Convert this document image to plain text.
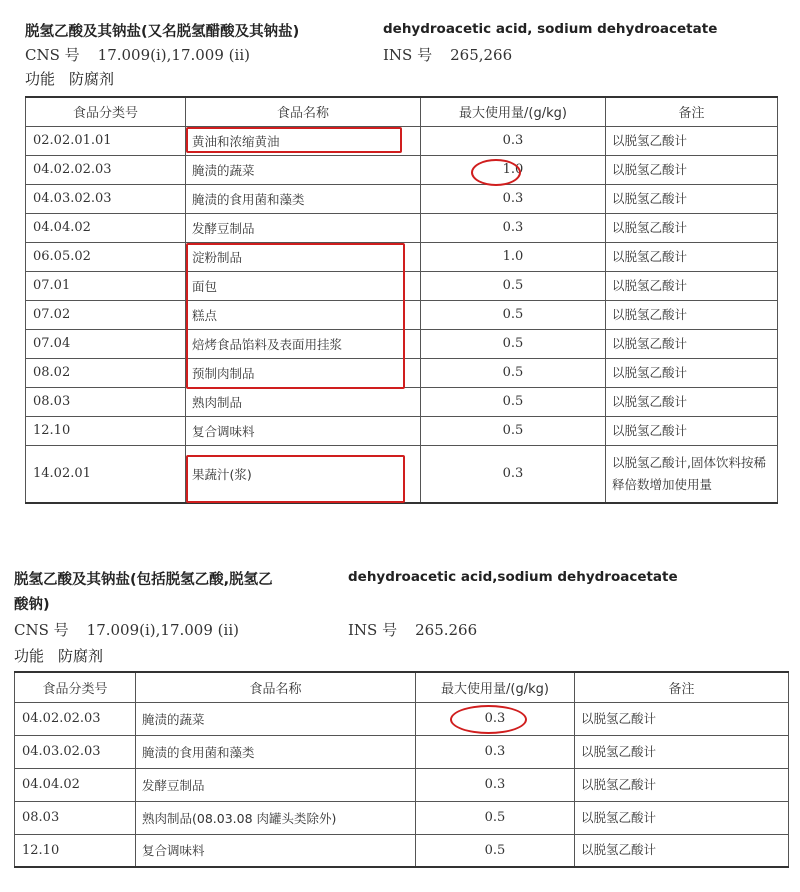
脱氢乙酸及其钠盐(又名脱氢醋酸及其钠盐)	dehydroacetic acid, sodium dehydroacetate
CNS 号 17.009(i),17.009 (ii)	INS 号 265,266
功能 防腐剂
食品分类号	食品名称	最大使用量/(g/kg)	备注
02.02.01.01	黄油和浓缩黄油	0.3	以脱氢乙酸计
04.02.02.03	腌渍的蔬菜	1.0	以脱氢乙酸计
04.03.02.03	腌渍的食用菌和藻类	0.3	以脱氢乙酸计
04.04.02	发酵豆制品	0.3	以脱氢乙酸计
06.05.02	淀粉制品	1.0	以脱氢乙酸计
07.01	面包	0.5	以脱氢乙酸计
07.02	糕点	0.5	以脱氢乙酸计
07.04	焙烤食品馅料及表面用挂浆	0.5	以脱氢乙酸计
08.02	预制肉制品	0.5	以脱氢乙酸计
08.03	熟肉制品	0.5	以脱氢乙酸计
12.10	复合调味料	0.5	以脱氢乙酸计
14.02.01	果蔬汁(浆)	0.3	以脱氢乙酸计,固体饮料按稀释倍数增加使用量
脱氢乙酸及其钠盐(包括脱氢乙酸,脱氢乙	dehydroacetic acid,sodium dehydroacetate
酸钠)
CNS 号 17.009(i),17.009 (ii)	INS 号 265.266
功能 防腐剂
食品分类号	食品名称	最大使用量/(g/kg)	备注
04.02.02.03	腌渍的蔬菜	0.3	以脱氢乙酸计
04.03.02.03	腌渍的食用菌和藻类	0.3	以脱氢乙酸计
04.04.02	发酵豆制品	0.3	以脱氢乙酸计
08.03	熟肉制品(08.03.08 肉罐头类除外)	0.5	以脱氢乙酸计
12.10	复合调味料	0.5	以脱氢乙酸计
